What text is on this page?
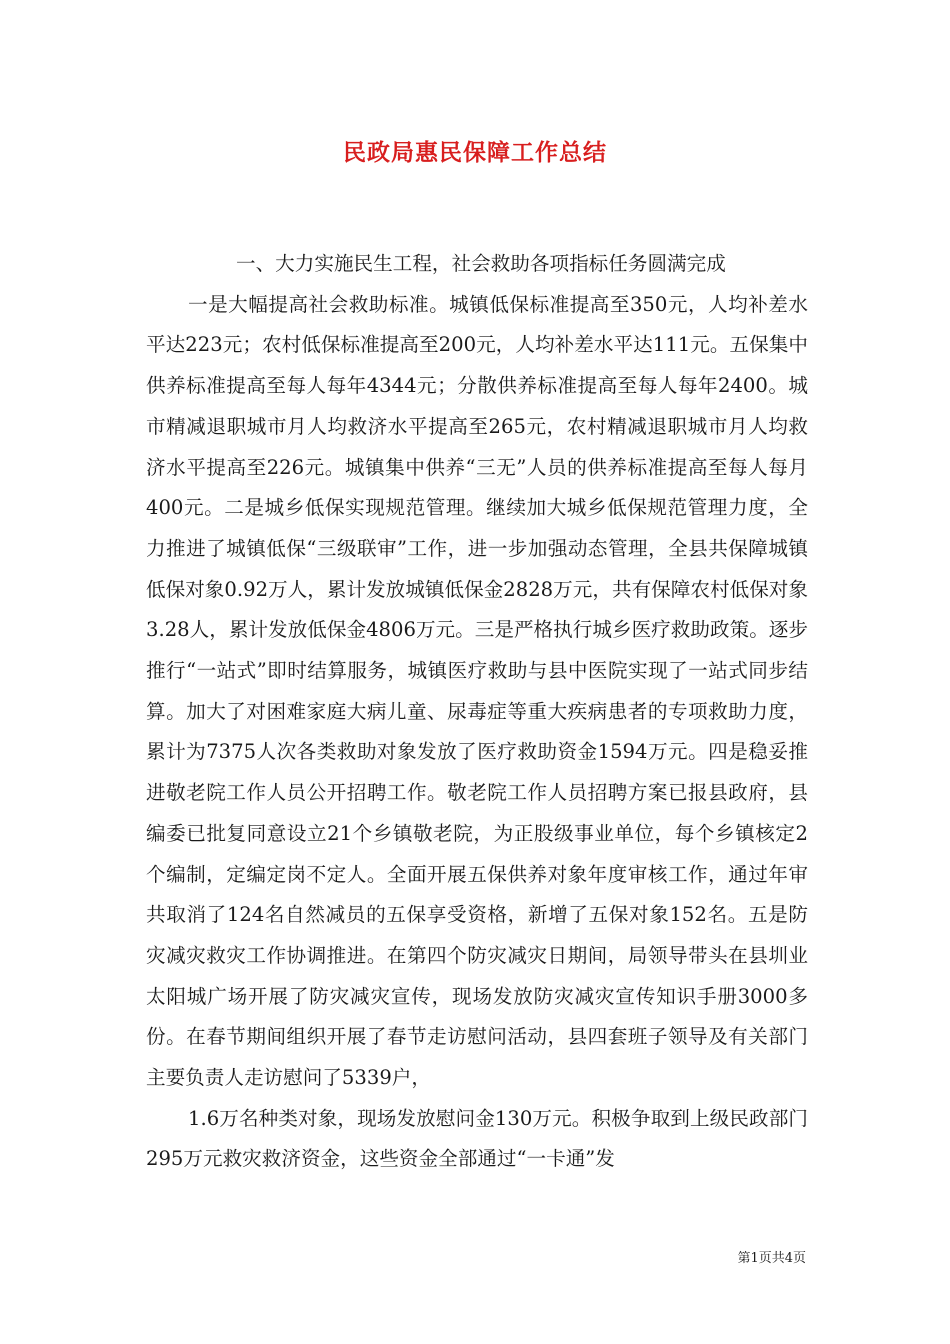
民政局惠民保障工作总结

一、大力实施民生工程，社会救助各项指标任务圆满完成

一是大幅提高社会救助标准。城镇低保标准提高至350元，人均补差水平达223元；农村低保标准提高至200元，人均补差水平达111元。五保集中供养标准提高至每人每年4344元；分散供养标准提高至每人每年2400。城市精减退职城市月人均救济水平提高至265元，农村精减退职城市月人均救济水平提高至226元。城镇集中供养“三无”人员的供养标准提高至每人每月400元。二是城乡低保实现规范管理。继续加大城乡低保规范管理力度，全力推进了城镇低保“三级联审”工作，进一步加强动态管理，全县共保障城镇低保对象0.92万人，累计发放城镇低保金2828万元，共有保障农村低保对象3.28人，累计发放低保金4806万元。三是严格执行城乡医疗救助政策。逐步推行“一站式”即时结算服务，城镇医疗救助与县中医院实现了一站式同步结算。加大了对困难家庭大病儿童、尿毒症等重大疾病患者的专项救助力度，累计为7375人次各类救助对象发放了医疗救助资金1594万元。四是稳妥推进敬老院工作人员公开招聘工作。敬老院工作人员招聘方案已报县政府，县编委已批复同意设立21个乡镇敬老院，为正股级事业单位，每个乡镇核定2个编制，定编定岗不定人。全面开展五保供养对象年度审核工作，通过年审共取消了124名自然减员的五保享受资格，新增了五保对象152名。五是防灾减灾救灾工作协调推进。在第四个防灾减灾日期间，局领导带头在县圳业太阳城广场开展了防灾减灾宣传，现场发放防灾减灾宣传知识手册3000多份。在春节期间组织开展了春节走访慰问活动，县四套班子领导及有关部门主要负责人走访慰问了5339户，

1.6万名种类对象，现场发放慰问金130万元。积极争取到上级民政部门295万元救灾救济资金，这些资金全部通过“一卡通”发

第1页共4页
